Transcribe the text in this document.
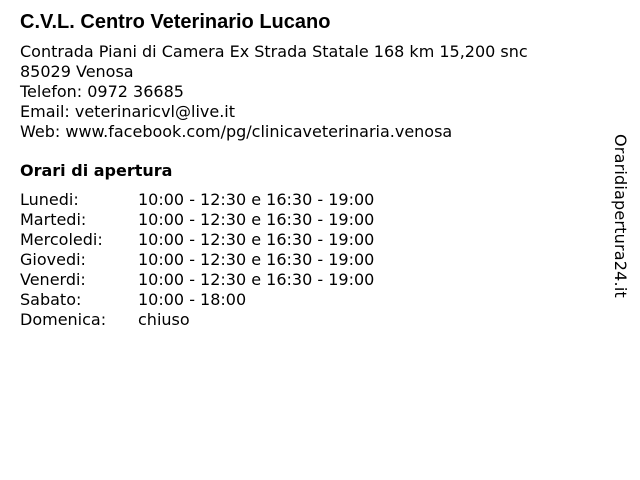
C.V.L. Centro Veterinario Lucano
Contrada Piani di Camera Ex Strada Statale 168 km 15,200 snc
85029 Venosa
Telefon: 0972 36685
Email: veterinaricvl@live.it
Web: www.facebook.com/pg/clinicaveterinaria.venosa
Orari di apertura
Lunedi:	10:00 - 12:30 e 16:30 - 19:00
Martedi:	10:00 - 12:30 e 16:30 - 19:00
Mercoledi:	10:00 - 12:30 e 16:30 - 19:00
Giovedi:	10:00 - 12:30 e 16:30 - 19:00
Venerdi:	10:00 - 12:30 e 16:30 - 19:00
Sabato:	10:00 - 18:00
Domenica:	chiuso
Oraridiapertura24.it
